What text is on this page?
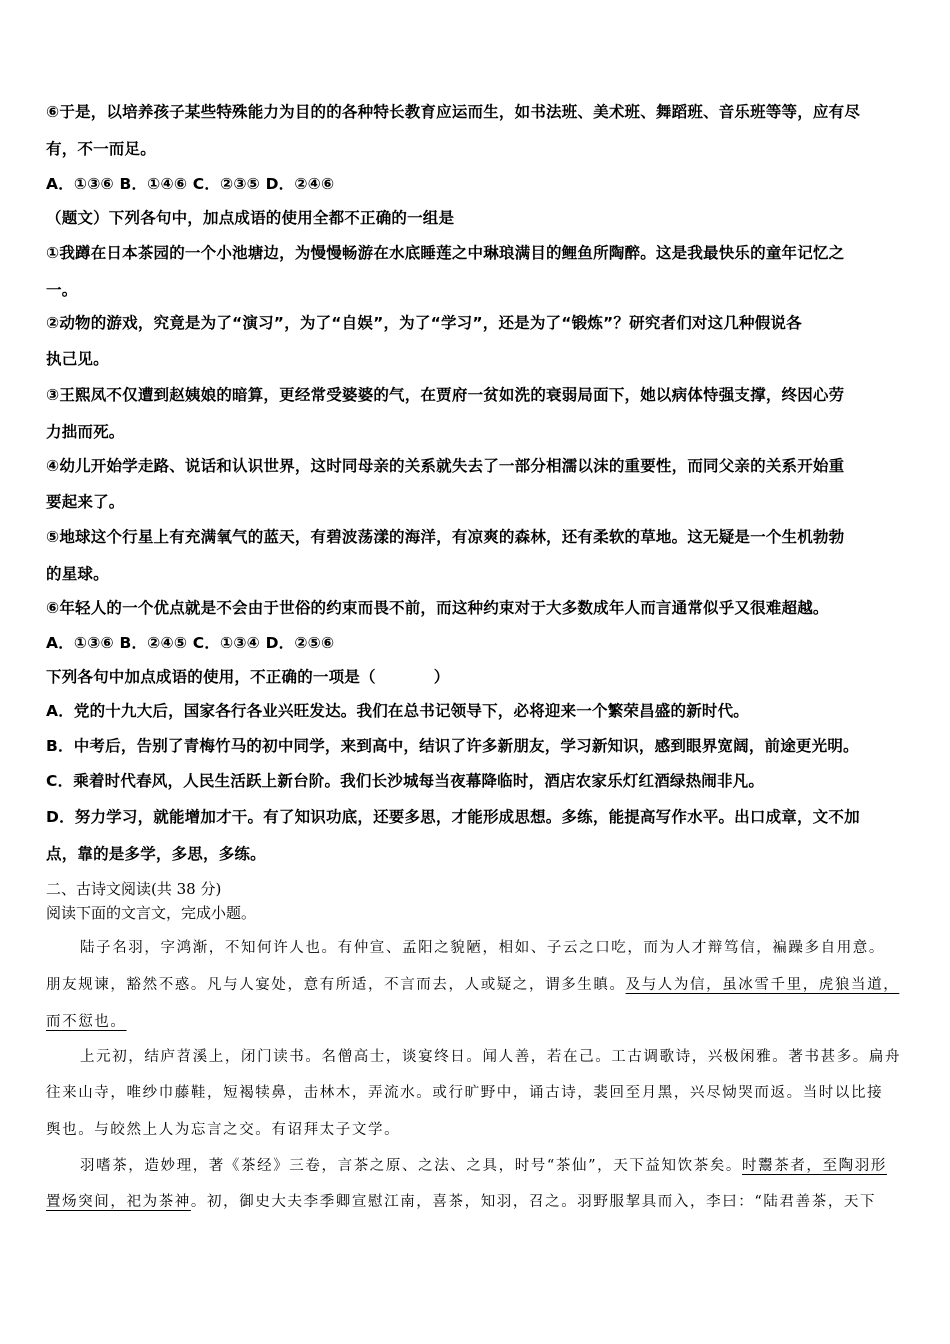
⑥于是，以培养孩子某些特殊能力为目的的各种特长教育应运而生，如书法班、美术班、舞蹈班、音乐班等等，应有尽
有，不一而足。
A．①③⑥ B．①④⑥ C．②③⑤ D．②④⑥
（题文）下列各句中，加点成语的使用全都不正确的一组是
①我蹲在日本茶园的一个小池塘边，为慢慢畅游在水底睡莲之中琳琅满目的鲤鱼所陶醉。这是我最快乐的童年记忆之
一。
②动物的游戏，究竟是为了“演习”，为了“自娱”，为了“学习”，还是为了“锻炼”？研究者们对这几种假说各
执己见。
③王熙凤不仅遭到赵姨娘的暗算，更经常受婆婆的气，在贾府一贫如洗的衰弱局面下，她以病体恃强支撑，终因心劳
力拙而死。
④幼儿开始学走路、说话和认识世界，这时同母亲的关系就失去了一部分相濡以沫的重要性，而同父亲的关系开始重
要起来了。
⑤地球这个行星上有充满氧气的蓝天，有碧波荡漾的海洋，有凉爽的森林，还有柔软的草地。这无疑是一个生机勃勃
的星球。
⑥年轻人的一个优点就是不会由于世俗的约束而畏不前，而这种约束对于大多数成年人而言通常似乎又很难超越。
A．①③⑥ B．②④⑤ C．①③④ D．②⑤⑥
下列各句中加点成语的使用，不正确的一项是（	）
A．党的十九大后，国家各行各业兴旺发达。我们在总书记领导下，必将迎来一个繁荣昌盛的新时代。
B．中考后，告别了青梅竹马的初中同学，来到高中，结识了许多新朋友，学习新知识，感到眼界宽阔，前途更光明。
C．乘着时代春风，人民生活跃上新台阶。我们长沙城每当夜幕降临时，酒店农家乐灯红酒绿热闹非凡。
D．努力学习，就能增加才干。有了知识功底，还要多思，才能形成思想。多练，能提高写作水平。出口成章，文不加
点，靠的是多学，多思，多练。
二、古诗文阅读(共 38 分)
阅读下面的文言文，完成小题。
陆子名羽，字鸿渐，不知何许人也。有仲宣、孟阳之貌陋，相如、子云之口吃，而为人才辩笃信，褊躁多自用意。
朋友规谏，豁然不惑。凡与人宴处，意有所适，不言而去，人或疑之，谓多生瞋。及与人为信，虽冰雪千里，虎狼当道，
而不愆也。
上元初，结庐苕溪上，闭门读书。名僧高士，谈宴终日。闻人善，若在己。工古调歌诗，兴极闲雅。著书甚多。扁舟
往来山寺，唯纱巾藤鞋，短褐犊鼻，击林木，弄流水。或行旷野中，诵古诗，裴回至月黑，兴尽恸哭而返。当时以比接
舆也。与皎然上人为忘言之交。有诏拜太子文学。
羽嗜茶，造妙理，著《茶经》三卷，言茶之原、之法、之具，时号“茶仙”，天下益知饮茶矣。时鬻茶者，至陶羽形
置炀突间，祀为茶神。初，御史大夫李季卿宣慰江南，喜茶，知羽，召之。羽野服挈具而入，李曰：“陆君善茶，天下
